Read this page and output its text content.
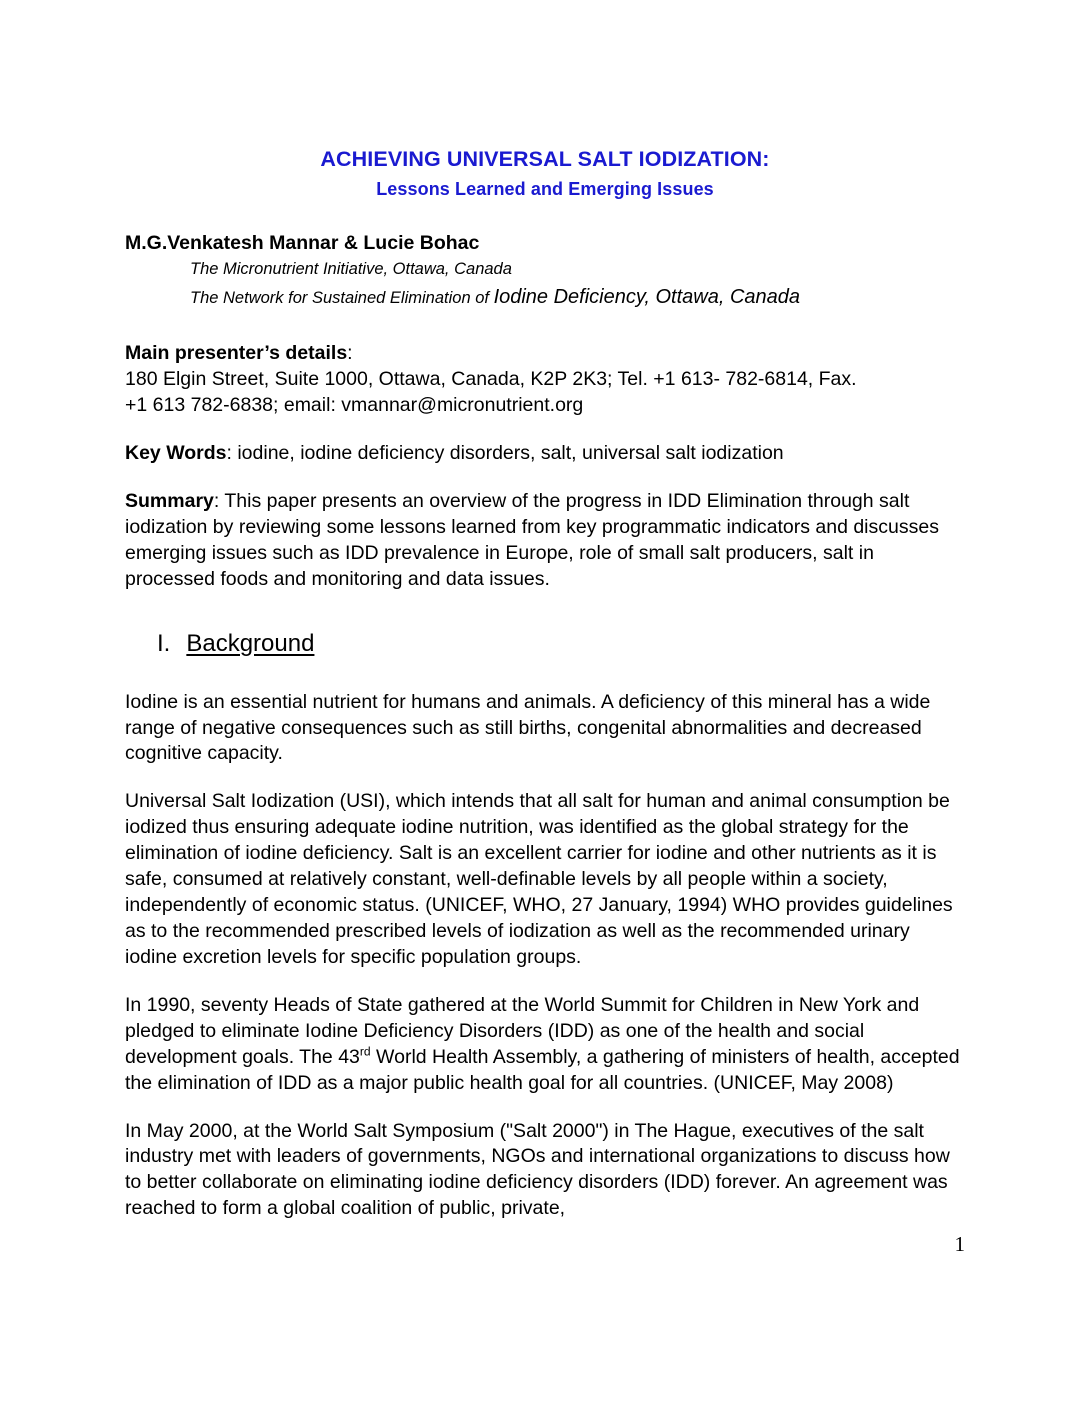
ACHIEVING UNIVERSAL SALT IODIZATION:
Lessons Learned and Emerging Issues
M.G.Venkatesh Mannar & Lucie Bohac
The Micronutrient Initiative, Ottawa, Canada
The Network for Sustained Elimination of Iodine Deficiency, Ottawa, Canada
Main presenter’s details:
180 Elgin Street, Suite 1000, Ottawa, Canada, K2P 2K3; Tel. +1 613- 782-6814, Fax.
+1 613 782-6838; email: vmannar@micronutrient.org
Key Words: iodine, iodine deficiency disorders, salt, universal salt iodization
Summary: This paper presents an overview of the progress in IDD Elimination through salt iodization by reviewing some lessons learned from key programmatic indicators and discusses emerging issues such as IDD prevalence in Europe, role of small salt producers, salt in processed foods and monitoring and data issues.
I. Background
Iodine is an essential nutrient for humans and animals. A deficiency of this mineral has a wide range of negative consequences such as still births, congenital abnormalities and decreased cognitive capacity.
Universal Salt Iodization (USI), which intends that all salt for human and animal consumption be iodized thus ensuring adequate iodine nutrition, was identified as the global strategy for the elimination of iodine deficiency. Salt is an excellent carrier for iodine and other nutrients as it is safe, consumed at relatively constant, well-definable levels by all people within a society, independently of economic status. (UNICEF, WHO, 27 January, 1994) WHO provides guidelines as to the recommended prescribed levels of iodization as well as the recommended urinary iodine excretion levels for specific population groups.
In 1990, seventy Heads of State gathered at the World Summit for Children in New York and pledged to eliminate Iodine Deficiency Disorders (IDD) as one of the health and social development goals. The 43rd World Health Assembly, a gathering of ministers of health, accepted the elimination of IDD as a major public health goal for all countries. (UNICEF, May 2008)
In May 2000, at the World Salt Symposium ("Salt 2000") in The Hague, executives of the salt industry met with leaders of governments, NGOs and international organizations to discuss how to better collaborate on eliminating iodine deficiency disorders (IDD) forever. An agreement was reached to form a global coalition of public, private,
1
